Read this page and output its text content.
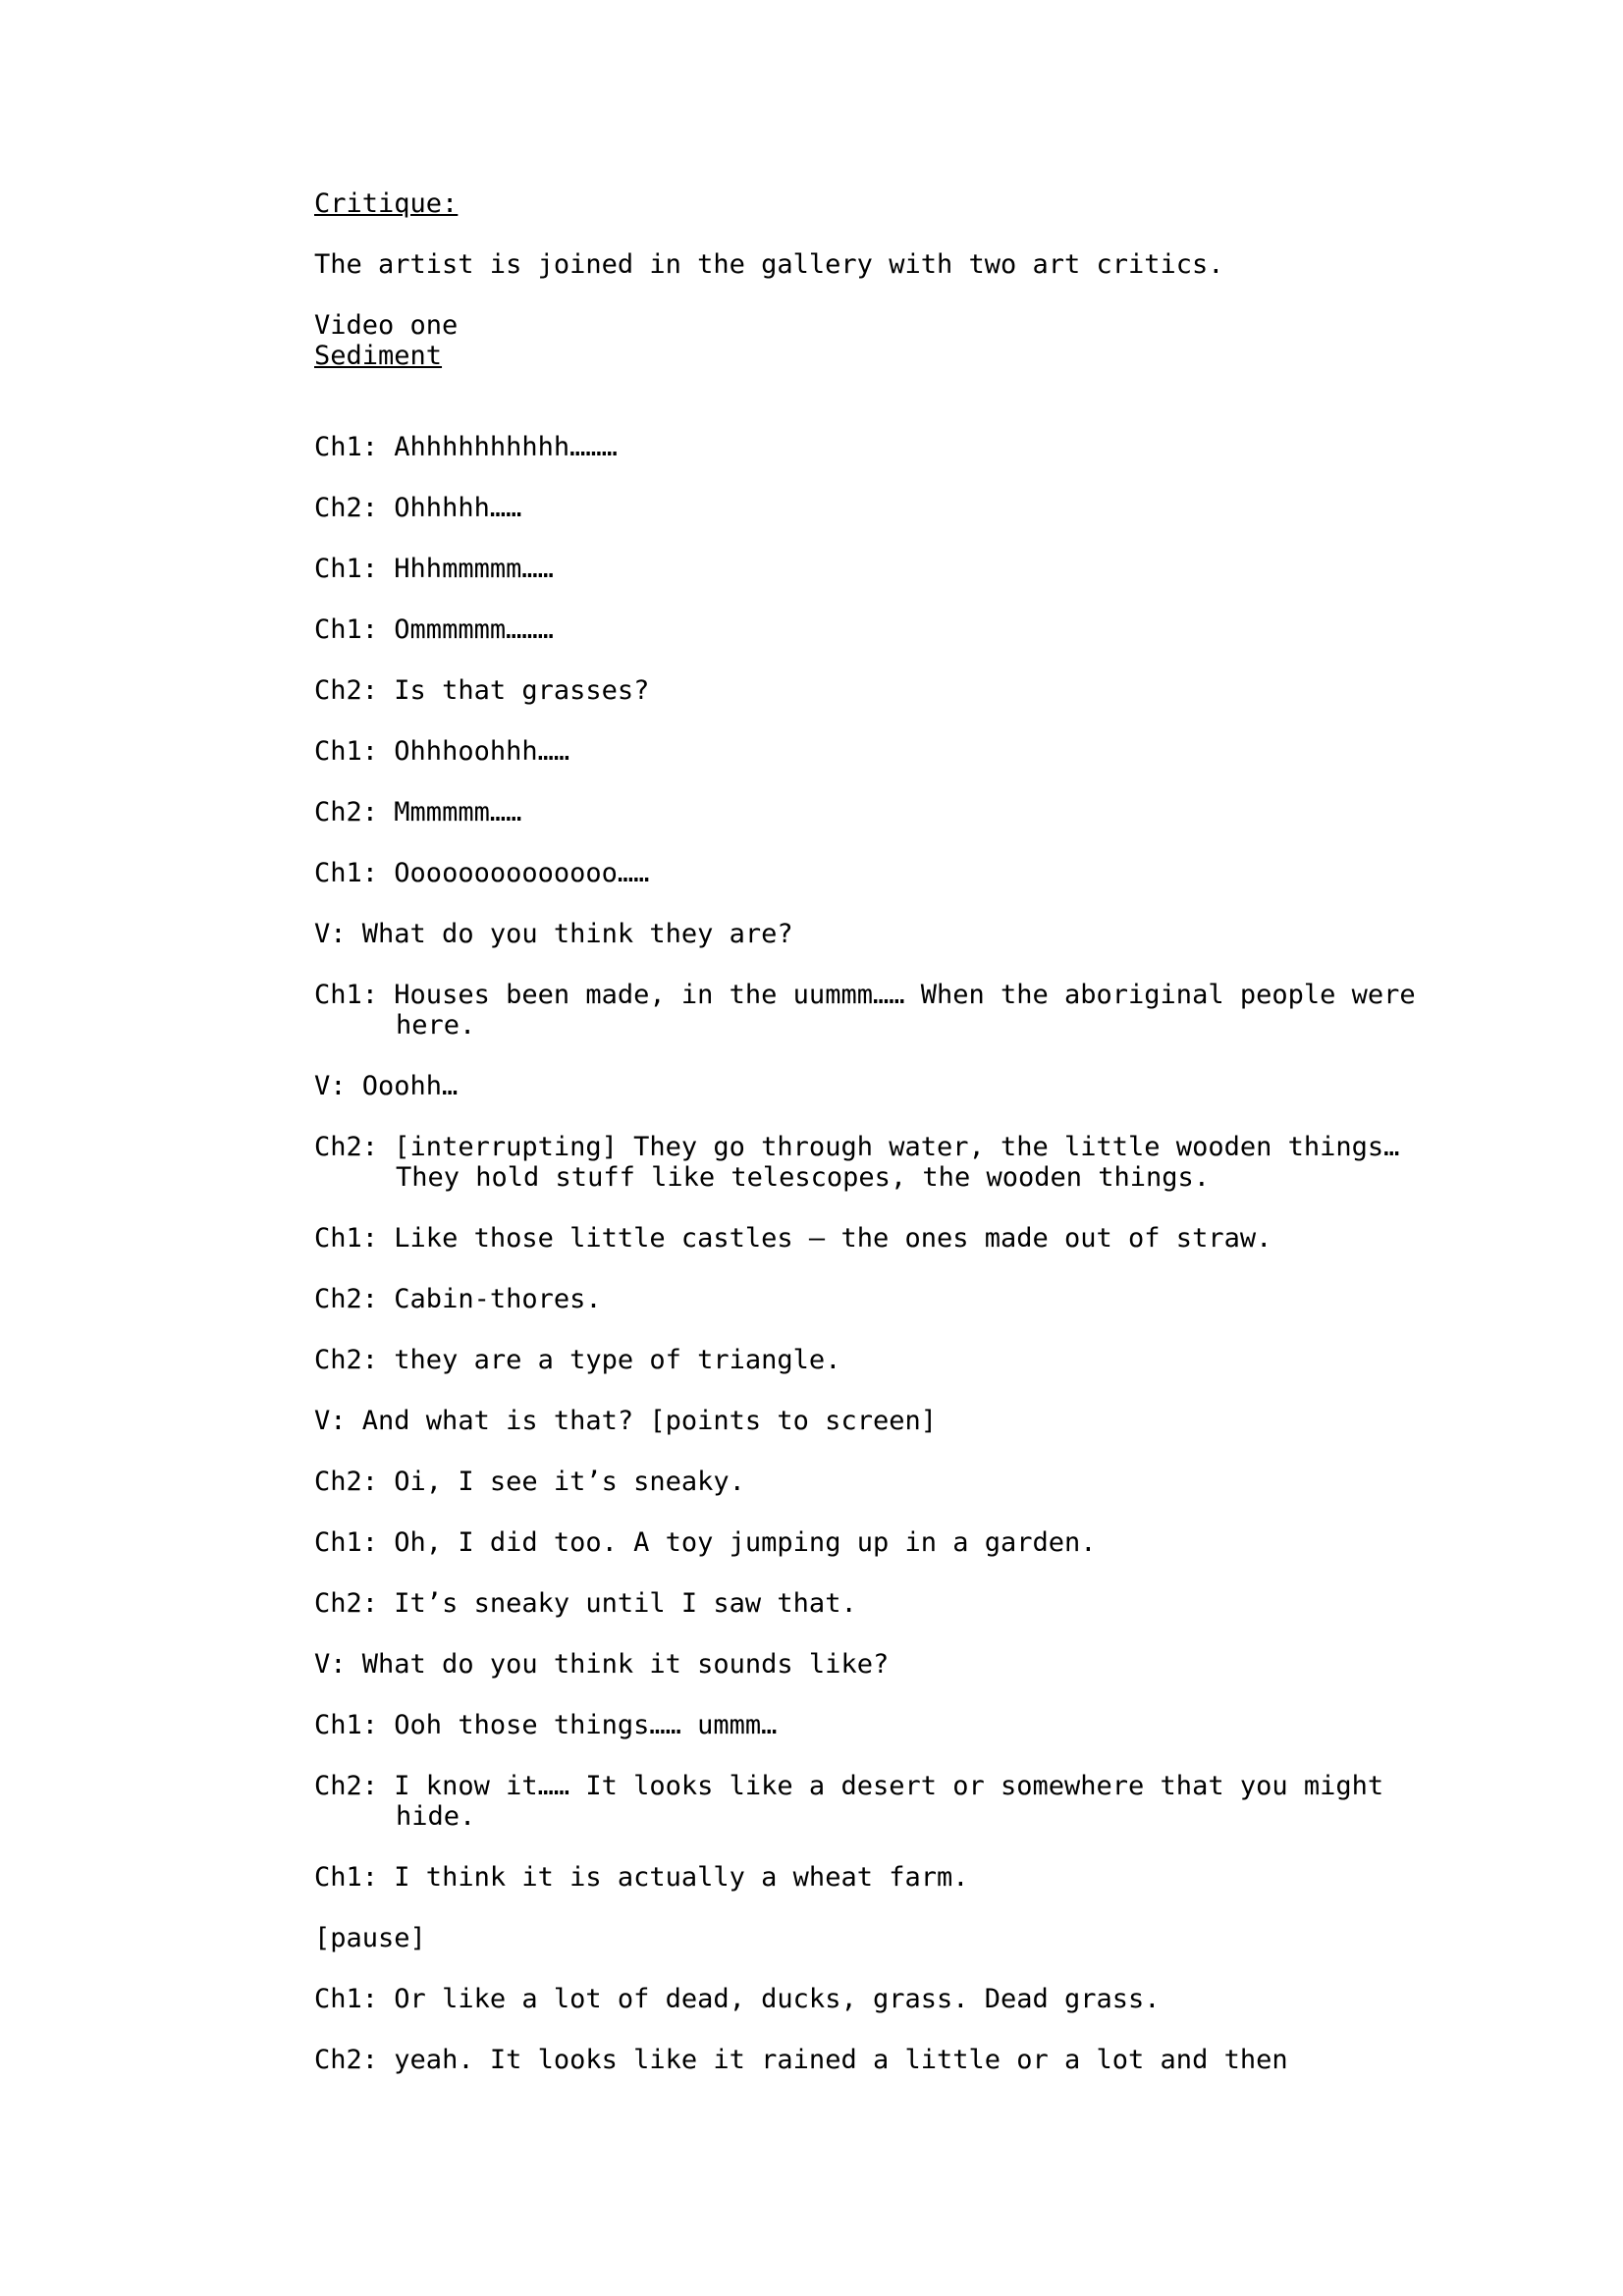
Critique:
The artist is joined in the gallery with two art critics.
Video one
Sediment
Ch1: Ahhhhhhhhhh………
Ch2: Ohhhhh……
Ch1: Hhhmmmmm……
Ch1: Ommmmmm………
Ch2: Is that grasses?
Ch1: Ohhhoohhh……
Ch2: Mmmmmm……
Ch1: Oooooooooooooo……
V: What do you think they are?
Ch1: Houses been made, in the uummm…… When the aboriginal people were here.
V: Ooohh…
Ch2: [interrupting] They go through water, the little wooden things… They hold stuff like telescopes, the wooden things.
Ch1: Like those little castles – the ones made out of straw.
Ch2: Cabin-thores.
Ch2: they are a type of triangle.
V: And what is that? [points to screen]
Ch2: Oi, I see it’s sneaky.
Ch1: Oh, I did too. A toy jumping up in a garden.
Ch2: It’s sneaky until I saw that.
V: What do you think it sounds like?
Ch1: Ooh those things…… ummm…
Ch2: I know it…… It looks like a desert or somewhere that you might hide.
Ch1: I think it is actually a wheat farm.
[pause]
Ch1: Or like a lot of dead, ducks, grass. Dead grass.
Ch2: yeah. It looks like it rained a little or a lot and then
